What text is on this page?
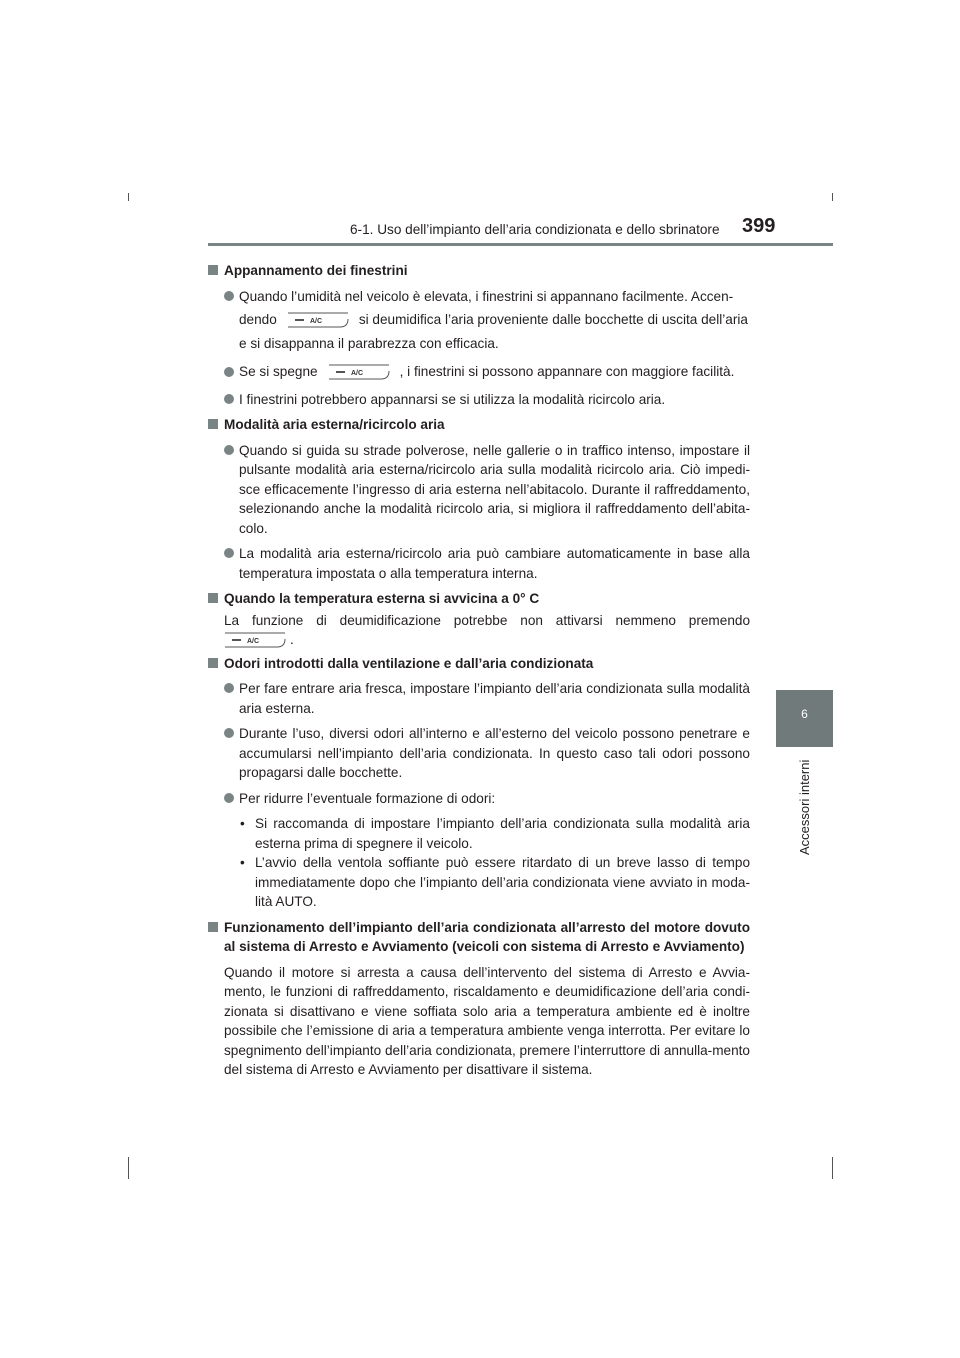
6-1. Uso dell’impianto dell’aria condizionata e dello sbrinatore 399
6
Accessori interni
Appannamento dei finestrini
Quando l’umidità nel veicolo è elevata, i finestrini si appannano facilmente. Accen-
dendo	A/C	si deumidifica l’aria proveniente dalle bocchette di uscita dell’aria
e si disappanna il parabrezza con efficacia.
Se si spegne	A/C	, i finestrini si possono appannare con maggiore facilità.
I finestrini potrebbero appannarsi se si utilizza la modalità ricircolo aria.
Modalità aria esterna/ricircolo aria
Quando si guida su strade polverose, nelle gallerie o in traffico intenso, impostare il pulsante modalità aria esterna/ricircolo aria sulla modalità ricircolo aria. Ciò impedi-sce efficacemente l’ingresso di aria esterna nell’abitacolo. Durante il raffreddamento, selezionando anche la modalità ricircolo aria, si migliora il raffreddamento dell’abita-colo.
La modalità aria esterna/ricircolo aria può cambiare automaticamente in base alla temperatura impostata o alla temperatura interna.
Quando la temperatura esterna si avvicina a 0° C
La funzione di deumidificazione potrebbe non attivarsi nemmeno premendo
A/C .
Odori introdotti dalla ventilazione e dall’aria condizionata
Per fare entrare aria fresca, impostare l’impianto dell’aria condizionata sulla modalità aria esterna.
Durante l’uso, diversi odori all’interno e all’esterno del veicolo possono penetrare e accumularsi nell’impianto dell’aria condizionata. In questo caso tali odori possono propagarsi dalle bocchette.
Per ridurre l’eventuale formazione di odori:
• Si raccomanda di impostare l’impianto dell’aria condizionata sulla modalità aria esterna prima di spegnere il veicolo.
• L’avvio della ventola soffiante può essere ritardato di un breve lasso di tempo immediatamente dopo che l’impianto dell’aria condizionata viene avviato in moda-lità AUTO.
Funzionamento dell’impianto dell’aria condizionata all’arresto del motore dovuto al sistema di Arresto e Avviamento (veicoli con sistema di Arresto e Avviamento)
Quando il motore si arresta a causa dell’intervento del sistema di Arresto e Avvia-mento, le funzioni di raffreddamento, riscaldamento e deumidificazione dell’aria condi-zionata si disattivano e viene soffiata solo aria a temperatura ambiente ed è inoltre possibile che l’emissione di aria a temperatura ambiente venga interrotta. Per evitare lo spegnimento dell’impianto dell’aria condizionata, premere l’interruttore di annulla-mento del sistema di Arresto e Avviamento per disattivare il sistema.
